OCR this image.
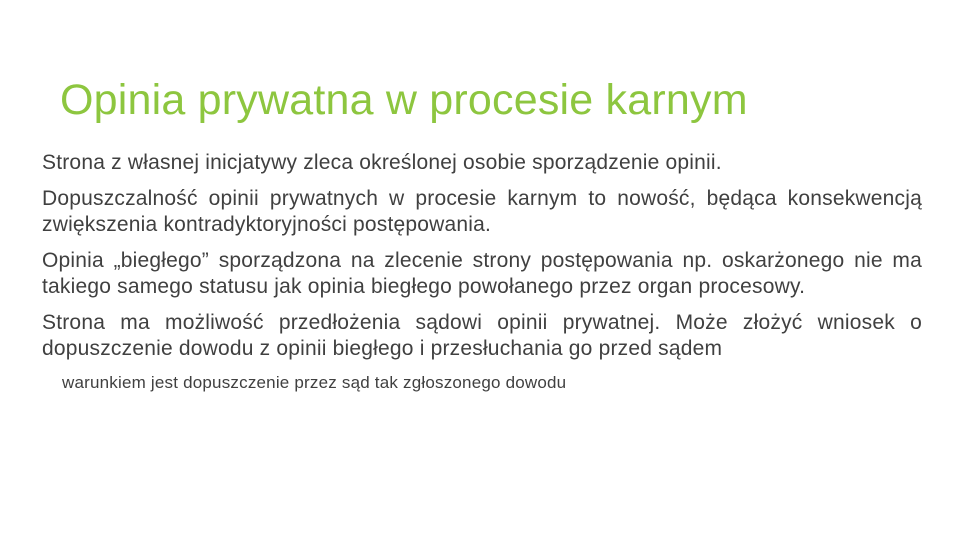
Opinia prywatna w procesie karnym

Strona z własnej inicjatywy zleca określonej osobie sporządzenie opinii.

Dopuszczalność opinii prywatnych w procesie karnym to nowość, będąca konsekwencją zwiększenia kontradyktoryjności postępowania.

Opinia „biegłego” sporządzona na zlecenie strony postępowania np. oskarżonego nie ma takiego samego statusu jak opinia biegłego powołanego przez organ procesowy.

Strona ma możliwość przedłożenia sądowi opinii prywatnej. Może złożyć wniosek o dopuszczenie dowodu z opinii biegłego i przesłuchania go przed sądem

warunkiem jest dopuszczenie przez sąd tak zgłoszonego dowodu
